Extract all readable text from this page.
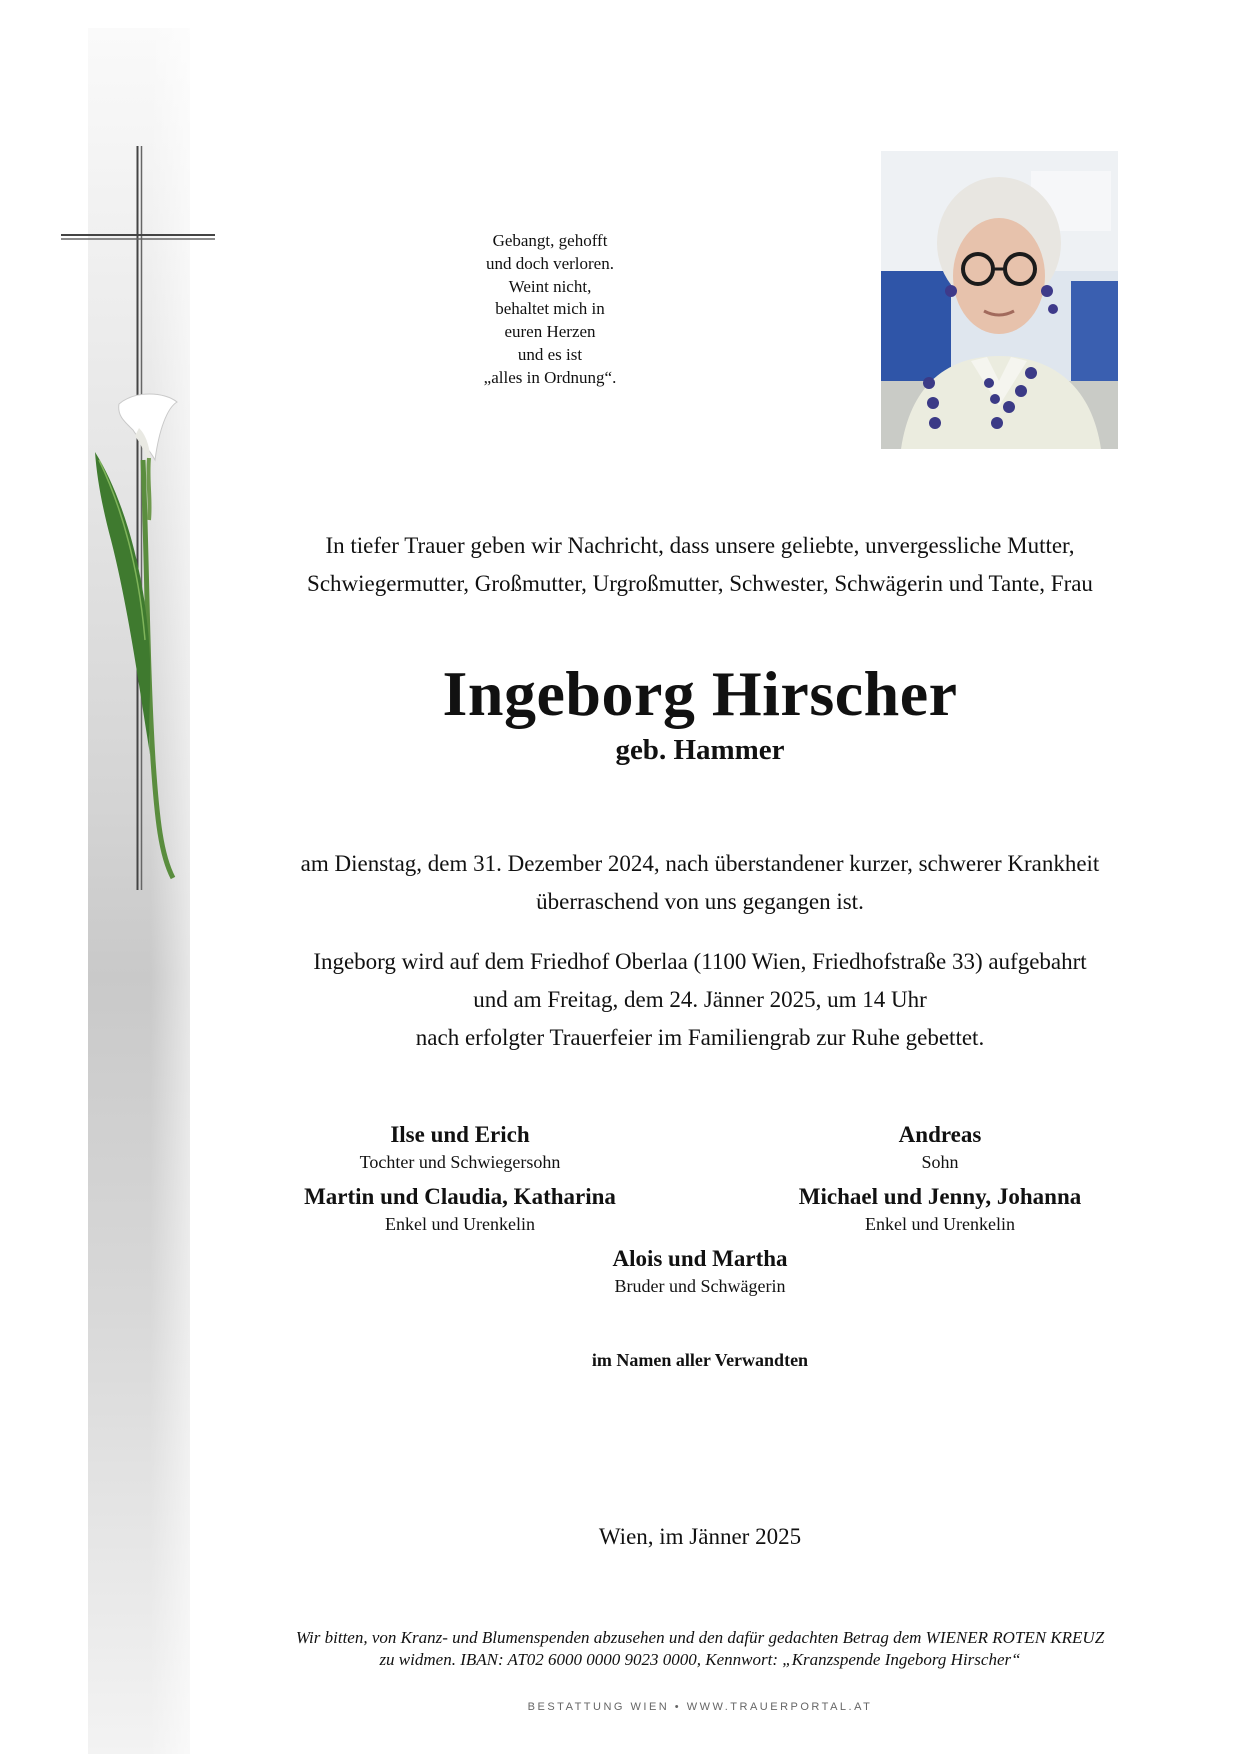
Gebangt, gehofft
und doch verloren.
Weint nicht,
behaltet mich in
euren Herzen
und es ist
„alles in Ordnung“.
In tiefer Trauer geben wir Nachricht, dass unsere geliebte, unvergessliche Mutter,
Schwiegermutter, Großmutter, Urgroßmutter, Schwester, Schwägerin und Tante, Frau
Ingeborg Hirscher
geb. Hammer
am Dienstag, dem 31. Dezember 2024, nach überstandener kurzer, schwerer Krankheit
überraschend von uns gegangen ist.
Ingeborg wird auf dem Friedhof Oberlaa (1100 Wien, Friedhofstraße 33) aufgebahrt
und am Freitag, dem 24. Jänner 2025, um 14 Uhr
nach erfolgter Trauerfeier im Familiengrab zur Ruhe gebettet.
Ilse und Erich
Tochter und Schwiegersohn
Andreas
Sohn
Martin und Claudia, Katharina
Enkel und Urenkelin
Michael und Jenny, Johanna
Enkel und Urenkelin
Alois und Martha
Bruder und Schwägerin
im Namen aller Verwandten
Wien, im Jänner 2025
Wir bitten, von Kranz- und Blumenspenden abzusehen und den dafür gedachten Betrag dem WIENER ROTEN KREUZ
zu widmen. IBAN: AT02 6000 0000 9023 0000, Kennwort: „Kranzspende Ingeborg Hirscher“
BESTATTUNG WIEN • WWW.TRAUERPORTAL.AT
